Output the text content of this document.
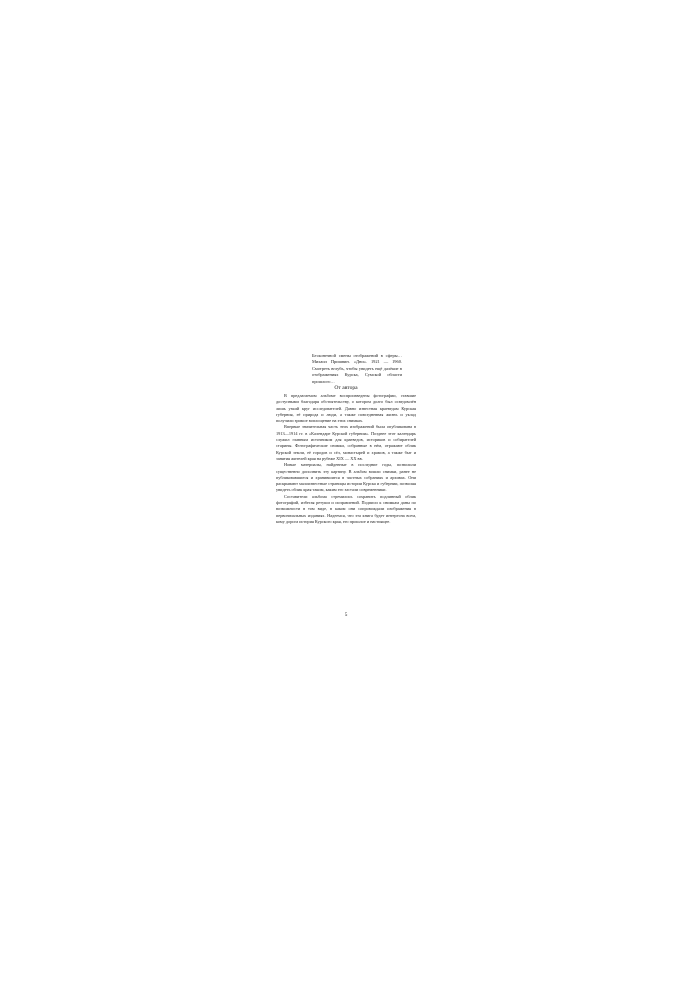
Бесконечной смены отображений в сферы… Михаил Пришвин. «Дни». 1921 — 1960. Смотреть вглубь, чтобы увидеть ещё далёкие в отображениях Курска, Сумской области прошлого…

От автора

В предлагаемом альбоме воспроизведены фотографии, ставшие доступными благодаря обстоятельству, о котором долго был осведомлён лишь узкий круг исследователей. Давно известная краеведам Курская губерния, её природа и люди, а также повседневная жизнь и уклад получили зримое воплощение на этих снимках.

Впервые значительная часть этих изображений была опубликована в 1913—1914 гг. в «Календаре Курской губернии». Позднее этот календарь служил главным источником для краеведов, историков и собирателей старины. Фотографические снимки, собранные в нём, отражают облик Курской земли, её городов и сёл, монастырей и храмов, а также быт и занятия жителей края на рубеже XIX — XX вв.

Новые материалы, найденные в последние годы, позволили существенно дополнить эту картину. В альбом вошли снимки, ранее не публиковавшиеся и хранившиеся в частных собраниях и архивах. Они раскрывают малоизвестные страницы истории Курска и губернии, позволяя увидеть облик края таким, каким его застали современники.

Составители альбома стремились сохранить подлинный облик фотографий, избегая ретуши и исправлений. Подписи к снимкам даны по возможности в том виде, в каком они сопровождали изображения в первоначальных изданиях. Надеемся, что эта книга будет интересна всем, кому дорога история Курского края, его прошлое и настоящее.

5
